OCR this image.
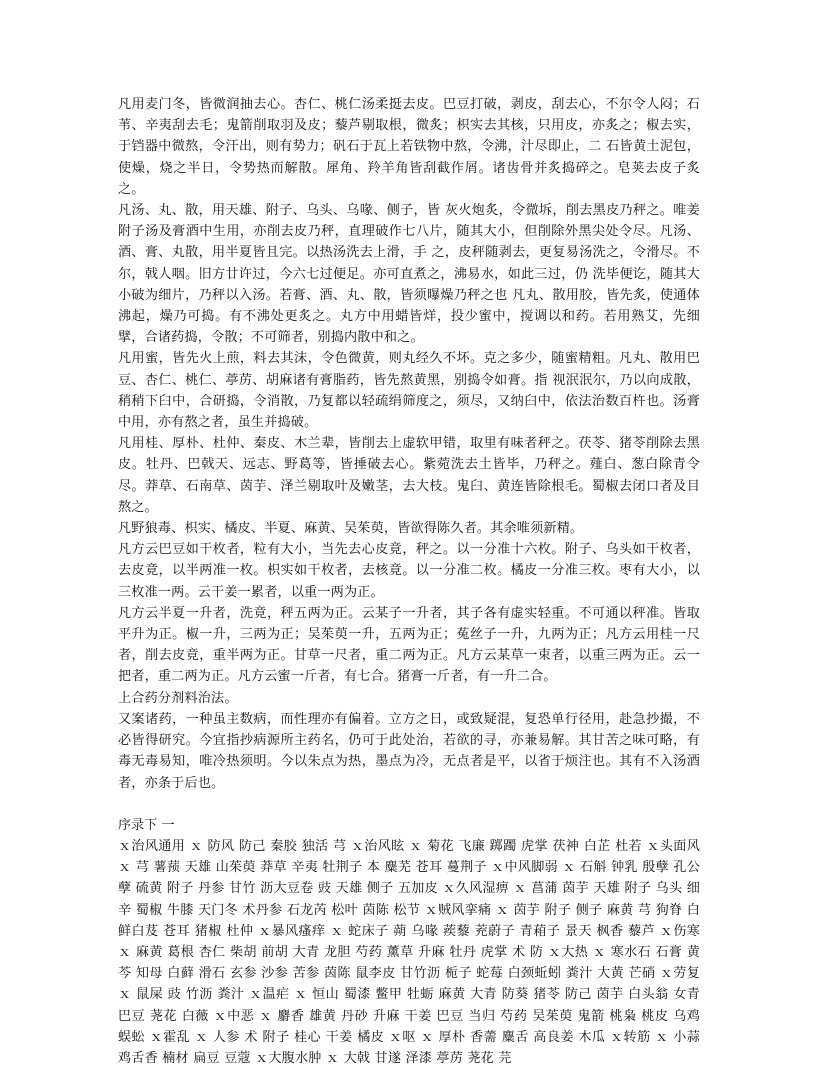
凡用麦门冬，皆微润抽去心。杏仁、桃仁汤柔挺去皮。巴豆打破，剥皮，刮去心，不尔令人闷；石苇、辛夷刮去毛；鬼箭削取羽及皮；藜芦剔取根，微炙；枳实去其核，只用皮，亦炙之；椒去实，于铛器中微熬，令汗出，则有势力；矾石于瓦上若铁物中熬，令沸，汁尽即止，二 石皆黄土泥包，使燥，烧之半日，令势热而解散。犀角、羚羊角皆刮截作屑。诸齿骨并炙捣碎之。皂荚去皮子炙之。

凡汤、丸、散，用天雄、附子、乌头、乌喙、侧子，皆 灰火炮炙，令微坼，削去黑皮乃秤之。唯姜附子汤及膏酒中生用，亦削去皮乃秤，直理破作七八片，随其大小，但削除外黑尖处令尽。凡汤、酒、膏、丸散，用半夏皆且完。以热汤洗去上滑，手 之，皮秤随剥去，更复易汤洗之，令滑尽。不尔，戟人咽。旧方廿许过，今六七过便足。亦可直煮之，沸易水，如此三过，仍 洗毕便讫，随其大小破为细片，乃秤以入汤。若膏、酒、丸、散，皆须曝燥乃秤之也 凡丸、散用胶，皆先炙，使通体沸起，燥乃可捣。有不沸处更炙之。丸方中用蜡皆烊，投少蜜中，搅调以和药。若用熟艾，先细擘，合诸药捣，令散；不可筛者，别捣内散中和之。

凡用蜜，皆先火上煎，料去其沫，令色微黄，则丸经久不坏。克之多少，随蜜精粗。凡丸、散用巴豆、杏仁、桃仁、葶苈、胡麻诸有膏脂药，皆先熬黄黑，别捣令如膏。指 视泯泯尔，乃以向成散，稍稍下臼中，合研捣，令消散，乃复都以轻疏绢筛度之，须尽，又纳臼中，依法治数百杵也。汤膏中用，亦有熬之者，虽生并捣破。

凡用桂、厚朴、杜仲、秦皮、木兰辈，皆削去上虚软甲错，取里有味者秤之。茯苓、猪苓削除去黑皮。牡丹、巴戟天、远志、野葛等，皆捶破去心。紫菀洗去土皆毕，乃秤之。薤白、葱白除青令尽。莽草、石南草、茵芋、泽兰剔取叶及嫩茎，去大枝。鬼臼、黄连皆除根毛。蜀椒去闭口者及目熬之。

凡野狼毒、枳实、橘皮、半夏、麻黄、吴茱萸，皆欲得陈久者。其余唯须新精。

凡方云巴豆如干枚者，粒有大小，当先去心皮竟，秤之。以一分准十六枚。附子、乌头如干枚者，去皮竟，以半两准一枚。枳实如干枚者，去核竟。以一分准二枚。橘皮一分准三枚。枣有大小，以三枚准一两。云干姜一累者，以重一两为正。

凡方云半夏一升者，洗竟，秤五两为正。云某子一升者，其子各有虚实轻重。不可通以秤准。皆取平升为正。椒一升，三两为正；吴茱萸一升，五两为正；菟丝子一升，九两为正；凡方云用桂一尺者，削去皮竟，重半两为正。甘草一尺者，重二两为正。凡方云某草一束者，以重三两为正。云一把者，重二两为正。凡方云蜜一斤者，有七合。猪膏一斤者，有一升二合。

上合药分剂料治法。

又案诸药，一种虽主数病，而性理亦有偏着。立方之日，或致疑混，复恐单行径用，赴急抄撮，不必皆得研究。今宜指抄病源所主药名，仍可于此处治，若欲的寻，亦兼易解。其甘苦之味可略，有毒无毒易知，唯冷热须明。今以朱点为热，墨点为冷，无点者是平，以省于烦注也。其有不入汤酒者，亦条于后也。

序录下 一

ｘ治风通用 ｘ 防风 防己 秦胶 独活 芎 ｘ治风眩 ｘ 菊花 飞廉 踯躅 虎掌 茯神 白芷 杜若 ｘ头面风 ｘ 芎 薯蓣 天雄 山茱萸 莽草 辛夷 牡荆子 本 麋芜 苍耳 蔓荆子 ｘ中风脚弱 ｘ 石斛 钟乳 殷孽 孔公孽 硫黄 附子 丹参 甘竹 沥大豆卷 豉 天雄 侧子 五加皮 ｘ久风湿痹 ｘ 菖蒲 茵芋 天雄 附子 乌头 细辛 蜀椒 牛膝 天门冬 术丹参 石龙芮 松叶 茵陈 松节 ｘ贼风挛痛 ｘ 茵芋 附子 侧子 麻黄 芎 狗脊 白鲜白芨 苍耳 猪椒 杜仲 ｘ暴风瘙痒 ｘ 蛇床子 蒴 乌喙 蒺藜 茺蔚子 青葙子 景天 枫香 藜芦 ｘ伤寒 ｘ 麻黄 葛根 杏仁 柴胡 前胡 大青 龙胆 芍药 薰草 升麻 牡丹 虎掌 术 防 ｘ大热 ｘ 寒水石 石膏 黄芩 知母 白藓 滑石 玄参 沙参 苦参 茵陈 鼠李皮 甘竹沥 栀子 蛇莓 白颈蚯蚓 粪汁 大黄 芒硝 ｘ劳复 ｘ 鼠屎 豉 竹沥 粪汁 ｘ温疟 ｘ 恒山 蜀漆 鳖甲 牡蛎 麻黄 大青 防葵 猪苓 防己 茵芋 白头翁 女青 巴豆 荛花 白薇 ｘ中恶 ｘ 麝香 雄黄 丹砂 升麻 干姜 巴豆 当归 芍药 吴茱萸 鬼箭 桃枭 桃皮 乌鸡 蜈蚣 ｘ霍乱 ｘ 人参 术 附子 桂心 干姜 橘皮 ｘ呕 ｘ 厚朴 香薷 麋舌 高良姜 木瓜 ｘ转筋 ｘ 小蒜 鸡舌香 楠材 扁豆 豆蔻 ｘ大腹水肿 ｘ 大戟 甘遂 泽漆 葶苈 荛花 芫
